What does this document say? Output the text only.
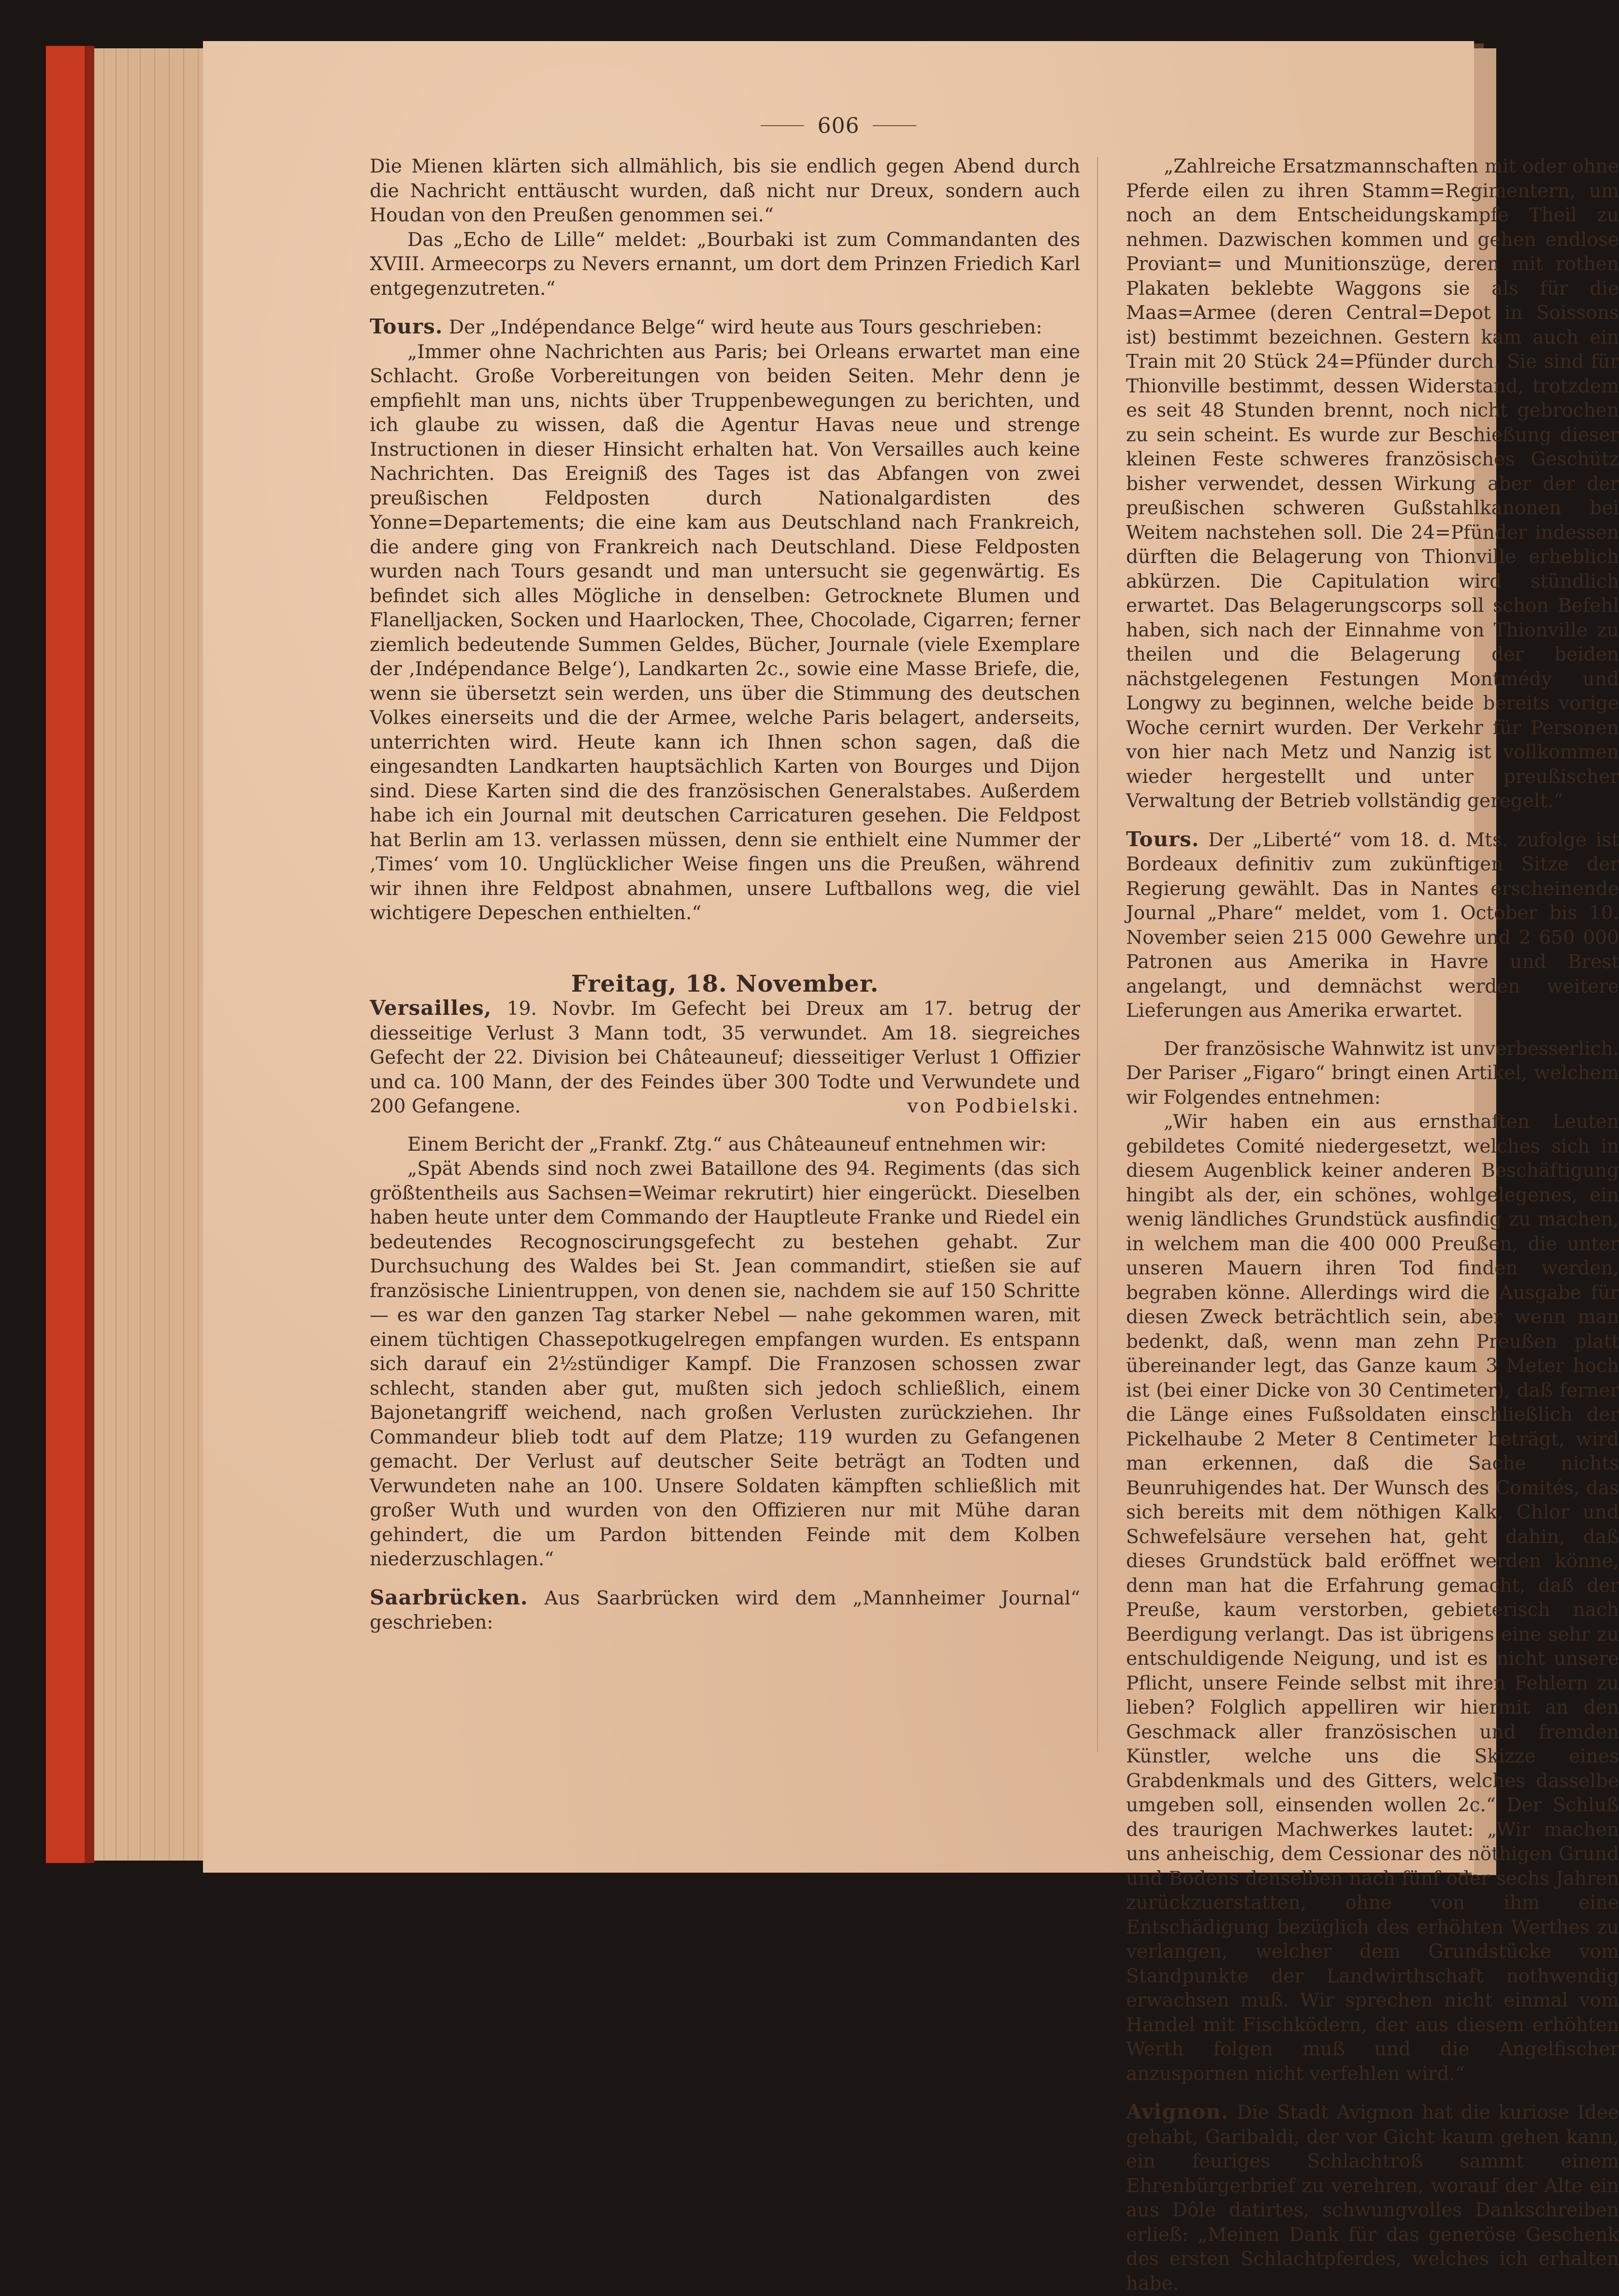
606

Die Mienen klärten sich allmählich, bis sie endlich gegen Abend durch die Nachricht enttäuscht wurden, daß nicht nur Dreux, sondern auch Houdan von den Preußen genommen sei.“

Das „Echo de Lille“ meldet: „Bourbaki ist zum Commandanten des XVIII. Armeecorps zu Nevers ernannt, um dort dem Prinzen Friedich Karl entgegenzutreten.“

Tours. Der „Indépendance Belge“ wird heute aus Tours geschrieben:

„Immer ohne Nachrichten aus Paris; bei Orleans erwartet man eine Schlacht. Große Vorbereitungen von beiden Seiten. Mehr denn je empfiehlt man uns, nichts über Truppenbewegungen zu berichten, und ich glaube zu wissen, daß die Agentur Havas neue und strenge Instructionen in dieser Hinsicht erhalten hat. Von Versailles auch keine Nachrichten. Das Ereigniß des Tages ist das Abfangen von zwei preußischen Feldposten durch Nationalgardisten des Yonne=Departements; die eine kam aus Deutschland nach Frankreich, die andere ging von Frankreich nach Deutschland. Diese Feldposten wurden nach Tours gesandt und man untersucht sie gegenwärtig. Es befindet sich alles Mögliche in denselben: Getrocknete Blumen und Flanelljacken, Socken und Haarlocken, Thee, Chocolade, Cigarren; ferner ziemlich bedeutende Summen Geldes, Bücher, Journale (viele Exemplare der ‚Indépendance Belge‘), Landkarten 2c., sowie eine Masse Briefe, die, wenn sie übersetzt sein werden, uns über die Stimmung des deutschen Volkes einerseits und die der Armee, welche Paris belagert, anderseits, unterrichten wird. Heute kann ich Ihnen schon sagen, daß die eingesandten Landkarten hauptsächlich Karten von Bourges und Dijon sind. Diese Karten sind die des französischen Generalstabes. Außerdem habe ich ein Journal mit deutschen Carricaturen gesehen. Die Feldpost hat Berlin am 13. verlassen müssen, denn sie enthielt eine Nummer der ‚Times‘ vom 10. Unglücklicher Weise fingen uns die Preußen, während wir ihnen ihre Feldpost abnahmen, unsere Luftballons weg, die viel wichtigere Depeschen enthielten.“

Freitag, 18. November.

Versailles, 19. Novbr. Im Gefecht bei Dreux am 17. betrug der diesseitige Verlust 3 Mann todt, 35 verwundet. Am 18. siegreiches Gefecht der 22. Division bei Châteauneuf; diesseitiger Verlust 1 Offizier und ca. 100 Mann, der des Feindes über 300 Todte und Verwundete und 200 Gefangene.	von Podbielski.

Einem Bericht der „Frankf. Ztg.“ aus Châteauneuf entnehmen wir:

„Spät Abends sind noch zwei Bataillone des 94. Regiments (das sich größtentheils aus Sachsen=Weimar rekrutirt) hier eingerückt. Dieselben haben heute unter dem Commando der Hauptleute Franke und Riedel ein bedeutendes Recognoscirungsgefecht zu bestehen gehabt. Zur Durchsuchung des Waldes bei St. Jean commandirt, stießen sie auf französische Linientruppen, von denen sie, nachdem sie auf 150 Schritte — es war den ganzen Tag starker Nebel — nahe gekommen waren, mit einem tüchtigen Chassepotkugelregen empfangen wurden. Es entspann sich darauf ein 2½stündiger Kampf. Die Franzosen schossen zwar schlecht, standen aber gut, mußten sich jedoch schließlich, einem Bajonetangriff weichend, nach großen Verlusten zurückziehen. Ihr Commandeur blieb todt auf dem Platze; 119 wurden zu Gefangenen gemacht. Der Verlust auf deutscher Seite beträgt an Todten und Verwundeten nahe an 100. Unsere Soldaten kämpften schließlich mit großer Wuth und wurden von den Offizieren nur mit Mühe daran gehindert, die um Pardon bittenden Feinde mit dem Kolben niederzuschlagen.“

Saarbrücken. Aus Saarbrücken wird dem „Mannheimer Journal“ geschrieben:

„Zahlreiche Ersatzmannschaften mit oder ohne Pferde eilen zu ihren Stamm=Regimentern, um noch an dem Entscheidungskampfe Theil zu nehmen. Dazwischen kommen und gehen endlose Proviant= und Munitionszüge, deren mit rothen Plakaten beklebte Waggons sie als für die Maas=Armee (deren Central=Depot in Soissons ist) bestimmt bezeichnen. Gestern kam auch ein Train mit 20 Stück 24=Pfünder durch. Sie sind für Thionville bestimmt, dessen Widerstand, trotzdem es seit 48 Stunden brennt, noch nicht gebrochen zu sein scheint. Es wurde zur Beschießung dieser kleinen Feste schweres französisches Geschütz bisher verwendet, dessen Wirkung aber der der preußischen schweren Gußstahlkanonen bei Weitem nachstehen soll. Die 24=Pfünder indessen dürften die Belagerung von Thionville erheblich abkürzen. Die Capitulation wird stündlich erwartet. Das Belagerungscorps soll schon Befehl haben, sich nach der Einnahme von Thionville zu theilen und die Belagerung der beiden nächstgelegenen Festungen Montmédy und Longwy zu beginnen, welche beide bereits vorige Woche cernirt wurden. Der Verkehr für Personen von hier nach Metz und Nanzig ist vollkommen wieder hergestellt und unter preußischer Verwaltung der Betrieb vollständig geregelt.“

Tours. Der „Liberté“ vom 18. d. Mts. zufolge ist Bordeaux definitiv zum zukünftigen Sitze der Regierung gewählt. Das in Nantes erscheinende Journal „Phare“ meldet, vom 1. October bis 10. November seien 215 000 Gewehre und 2 650 000 Patronen aus Amerika in Havre und Brest angelangt, und demnächst werden weitere Lieferungen aus Amerika erwartet.

Der französische Wahnwitz ist unverbesserlich. Der Pariser „Figaro“ bringt einen Artikel, welchem wir Folgendes entnehmen:

„Wir haben ein aus ernsthaften Leuten gebildetes Comité niedergesetzt, welches sich in diesem Augenblick keiner anderen Beschäftigung hingibt als der, ein schönes, wohlgelegenes, ein wenig ländliches Grundstück ausfindig zu machen, in welchem man die 400 000 Preußen, die unter unseren Mauern ihren Tod finden werden, begraben könne. Allerdings wird die Ausgabe für diesen Zweck beträchtlich sein, aber wenn man bedenkt, daß, wenn man zehn Preußen platt übereinander legt, das Ganze kaum 3 Meter hoch ist (bei einer Dicke von 30 Centimeter), daß ferner die Länge eines Fußsoldaten einschließlich der Pickelhaube 2 Meter 8 Centimeter beträgt, wird man erkennen, daß die Sache nichts Beunruhigendes hat. Der Wunsch des Comités, das sich bereits mit dem nöthigen Kalk, Chlor und Schwefelsäure versehen hat, geht dahin, daß dieses Grundstück bald eröffnet werden könne, denn man hat die Erfahrung gemacht, daß der Preuße, kaum verstorben, gebieterisch nach Beerdigung verlangt. Das ist übrigens eine sehr zu entschuldigende Neigung, und ist es nicht unsere Pflicht, unsere Feinde selbst mit ihren Fehlern zu lieben? Folglich appelliren wir hiermit an den Geschmack aller französischen und fremden Künstler, welche uns die Skizze eines Grabdenkmals und des Gitters, welches dasselbe umgeben soll, einsenden wollen 2c.“ Der Schluß des traurigen Machwerkes lautet: „Wir machen uns anheischig, dem Cessionar des nöthigen Grund und Bodens denselben nach fünf oder sechs Jahren zurückzuerstatten, ohne von ihm eine Entschädigung bezüglich des erhöhten Werthes zu verlangen, welcher dem Grundstücke vom Standpunkte der Landwirthschaft nothwendig erwachsen muß. Wir sprechen nicht einmal vom Handel mit Fischködern, der aus diesem erhöhten Werth folgen muß und die Angelfischer anzuspornen nicht verfehlen wird.“

Avignon. Die Stadt Avignon hat die kuriose Idee gehabt, Garibaldi, der vor Gicht kaum gehen kann, ein feuriges Schlachtroß sammt einem Ehrenbürgerbrief zu verehren, worauf der Alte ein aus Dôle datirtes, schwungvolles Dankschreiben erließ: „Meinen Dank für das generöse Geschenk des ersten Schlachtpferdes, welches ich erhalten habe.
